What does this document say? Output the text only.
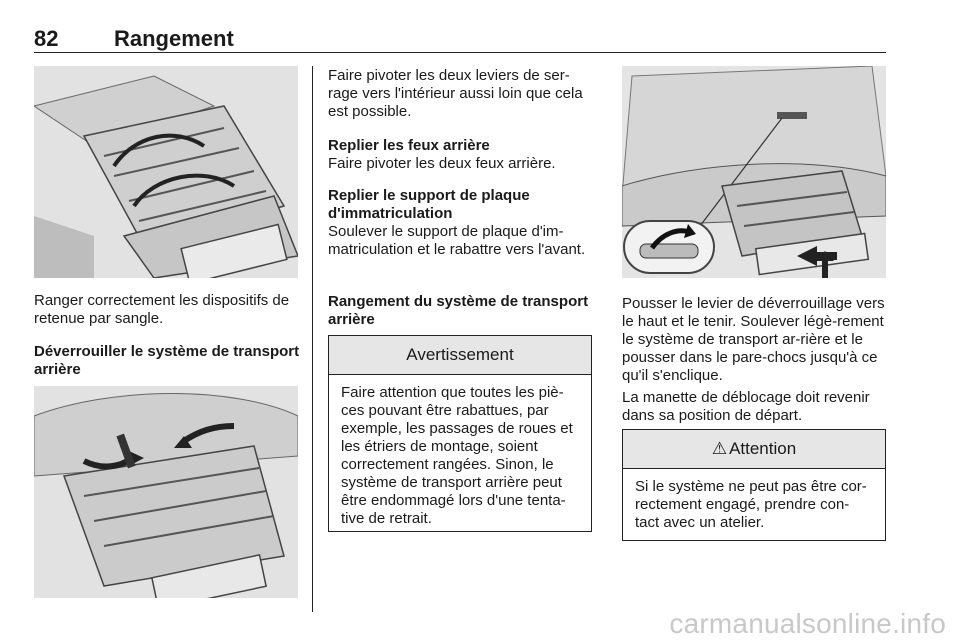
82	Rangement

Ranger correctement les dispositifs de retenue par sangle.

Déverrouiller le système de transport arrière

Faire pivoter les deux leviers de ser-rage vers l'intérieur aussi loin que cela est possible.

Replier les feux arrière

Faire pivoter les deux feux arrière.

Replier le support de plaque d'immatriculation

Soulever le support de plaque d'im-matriculation et le rabattre vers l'avant.

Rangement du système de transport arrière

Avertissement
Faire attention que toutes les piè-ces pouvant être rabattues, par exemple, les passages de roues et les étriers de montage, soient correctement rangées. Sinon, le système de transport arrière peut être endommagé lors d'une tenta-tive de retrait.

Pousser le levier de déverrouillage vers le haut et le tenir. Soulever légè-rement le système de transport ar-rière et le pousser dans le pare-chocs jusqu'à ce qu'il s'enclique.

La manette de déblocage doit revenir dans sa position de départ.

⚠ Attention
Si le système ne peut pas être cor-rectement engagé, prendre con-tact avec un atelier.
carmanualsonline.info
